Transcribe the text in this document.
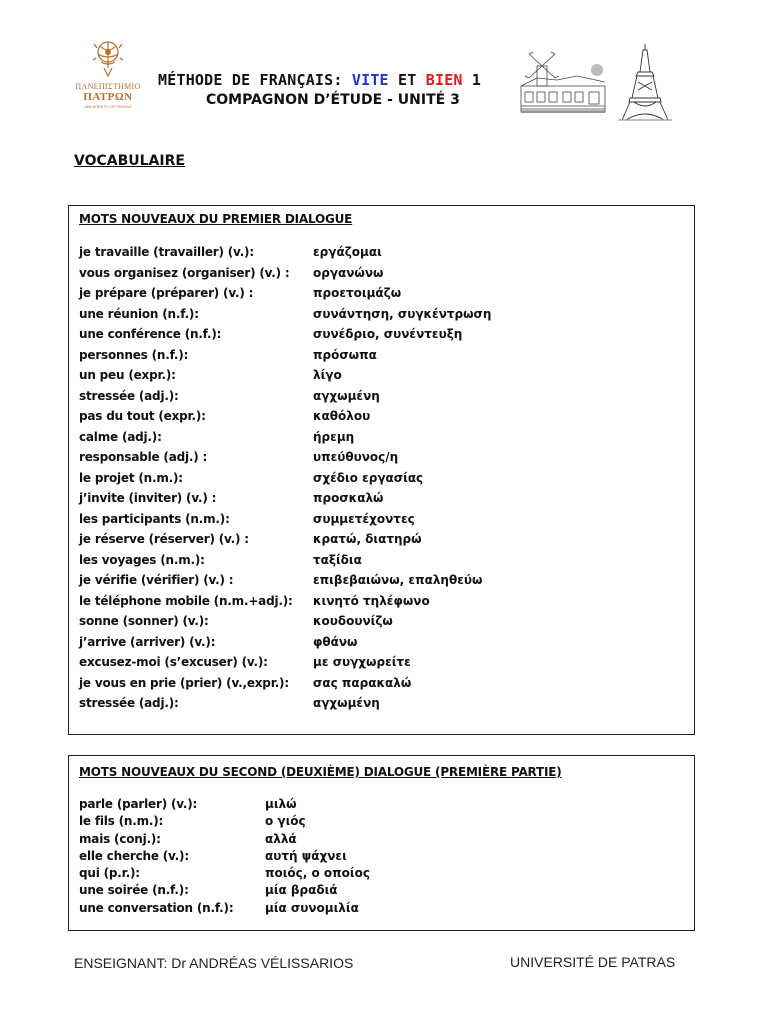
ΠΑΝΕΠΙΣΤΗΜΙΟ
ΠΑΤΡΩΝ
UNIVERSITY OF PATRAS
MÉTHODE DE FRANÇAIS: VITE ET BIEN 1
COMPAGNON D’ÉTUDE - UNITÉ 3
VOCABULAIRE
MOTS NOUVEAUX DU PREMIER DIALOGUE
je travaille (travailler) (v.):	εργάζομαι
vous organisez (organiser) (v.) : οργανώνω
je prépare (préparer) (v.) :	προετοιμάζω
une réunion (n.f.):	συνάντηση, συγκέντρωση
une conférence (n.f.):	συνέδριο, συνέντευξη
personnes (n.f.):	πρόσωπα
un peu (expr.):	λίγο
stressée (adj.):	αγχωμένη
pas du tout (expr.):	καθόλου
calme (adj.):	ήρεμη
responsable (adj.) :	υπεύθυνος/η
le projet (n.m.):	σχέδιο εργασίας
j’invite (inviter) (v.) :	προσκαλώ
les participants (n.m.):	συμμετέχοντες
je réserve (réserver) (v.) :	κρατώ, διατηρώ
les voyages (n.m.):	ταξίδια
je vérifie (vérifier) (v.) :	επιβεβαιώνω, επαληθεύω
le téléphone mobile (n.m.+adj.): κινητό τηλέφωνο
sonne (sonner) (v.):	κουδουνίζω
j’arrive (arriver) (v.):	φθάνω
excusez-moi (s’excuser) (v.):	με συγχωρείτε
je vous en prie (prier) (v.,expr.): σας παρακαλώ
stressée (adj.):	αγχωμένη
MOTS NOUVEAUX DU SECOND (DEUXIÈME) DIALOGUE (PREMIÈRE PARTIE)
parle (parler) (v.):	μιλώ
le fils (n.m.):	ο γιός
mais (conj.):	αλλά
elle cherche (v.):	αυτή ψάχνει
qui (p.r.):	ποιός, ο οποίος
une soirée (n.f.):	μία βραδιά
une conversation (n.f.):	μία συνομιλία
ENSEIGNANT: Dr ANDRÉAS VÉLISSARIOS	UNIVERSITÉ DE PATRAS
